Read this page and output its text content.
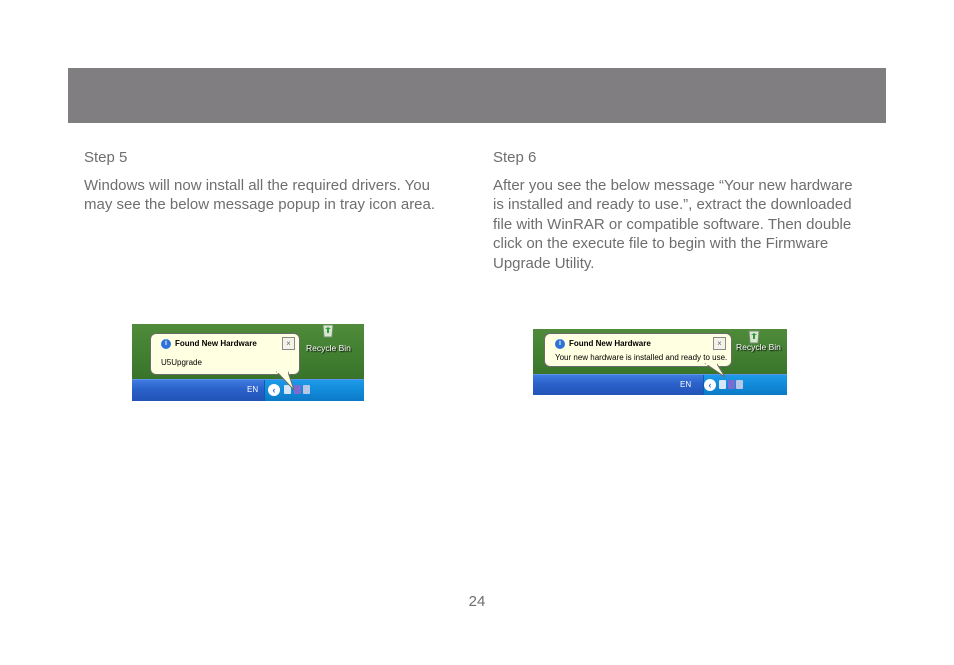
Step 5

Windows will now install all the required drivers. You may see the below message popup in tray icon area.

Step 6

After you see the below message “Your new hardware is installed and ready to use.”, extract the downloaded file with WinRAR or compatible software. Then double click on the execute file to begin with the Firmware Upgrade Utility.

Recycle Bin
EN	6:33 PM
‹
i Found New Hardware
U5Upgrade
×	Recycle Bin
EN	6:33 PM
‹
i Found New Hardware
Your new hardware is installed and ready to use.
×
24
